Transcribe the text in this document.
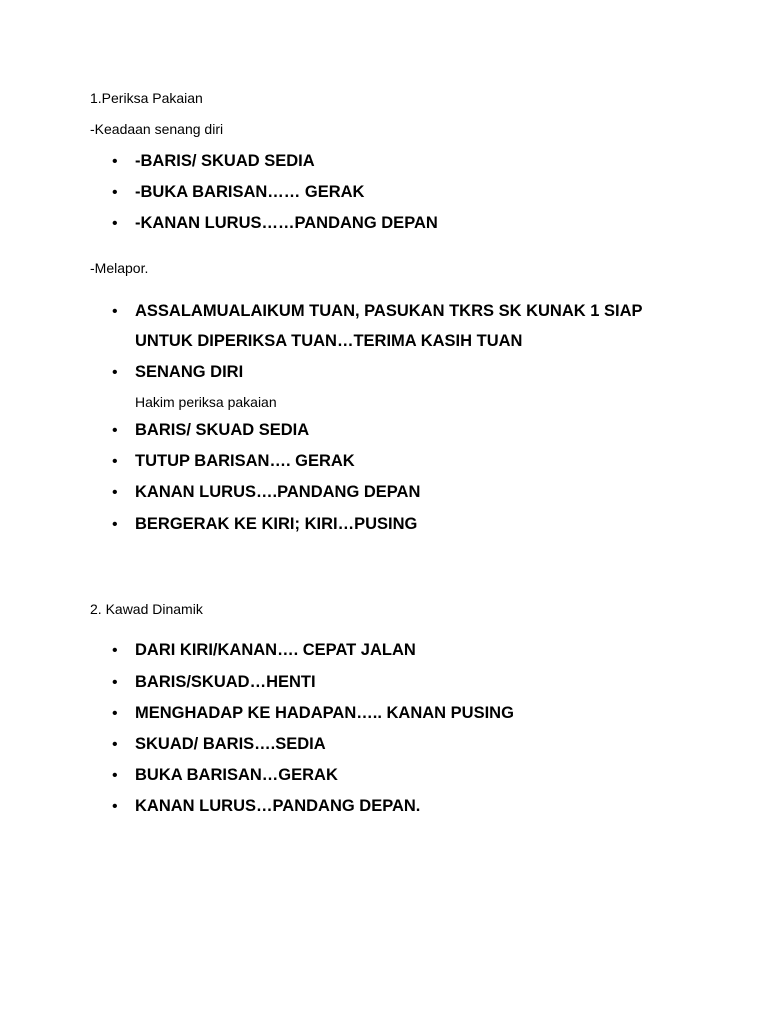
1.Periksa Pakaian
-Keadaan senang diri
• -BARIS/ SKUAD SEDIA
• -BUKA BARISAN…… GERAK
• -KANAN LURUS……PANDANG DEPAN
-Melapor.
• ASSALAMUALAIKUM TUAN, PASUKAN TKRS SK KUNAK 1 SIAP
UNTUK DIPERIKSA TUAN…TERIMA KASIH TUAN
• SENANG DIRI
Hakim periksa pakaian
• BARIS/ SKUAD SEDIA
• TUTUP BARISAN…. GERAK
• KANAN LURUS….PANDANG DEPAN
• BERGERAK KE KIRI; KIRI…PUSING
2. Kawad Dinamik
• DARI KIRI/KANAN…. CEPAT JALAN
• BARIS/SKUAD…HENTI
• MENGHADAP KE HADAPAN….. KANAN PUSING
• SKUAD/ BARIS….SEDIA
• BUKA BARISAN…GERAK
• KANAN LURUS…PANDANG DEPAN.
